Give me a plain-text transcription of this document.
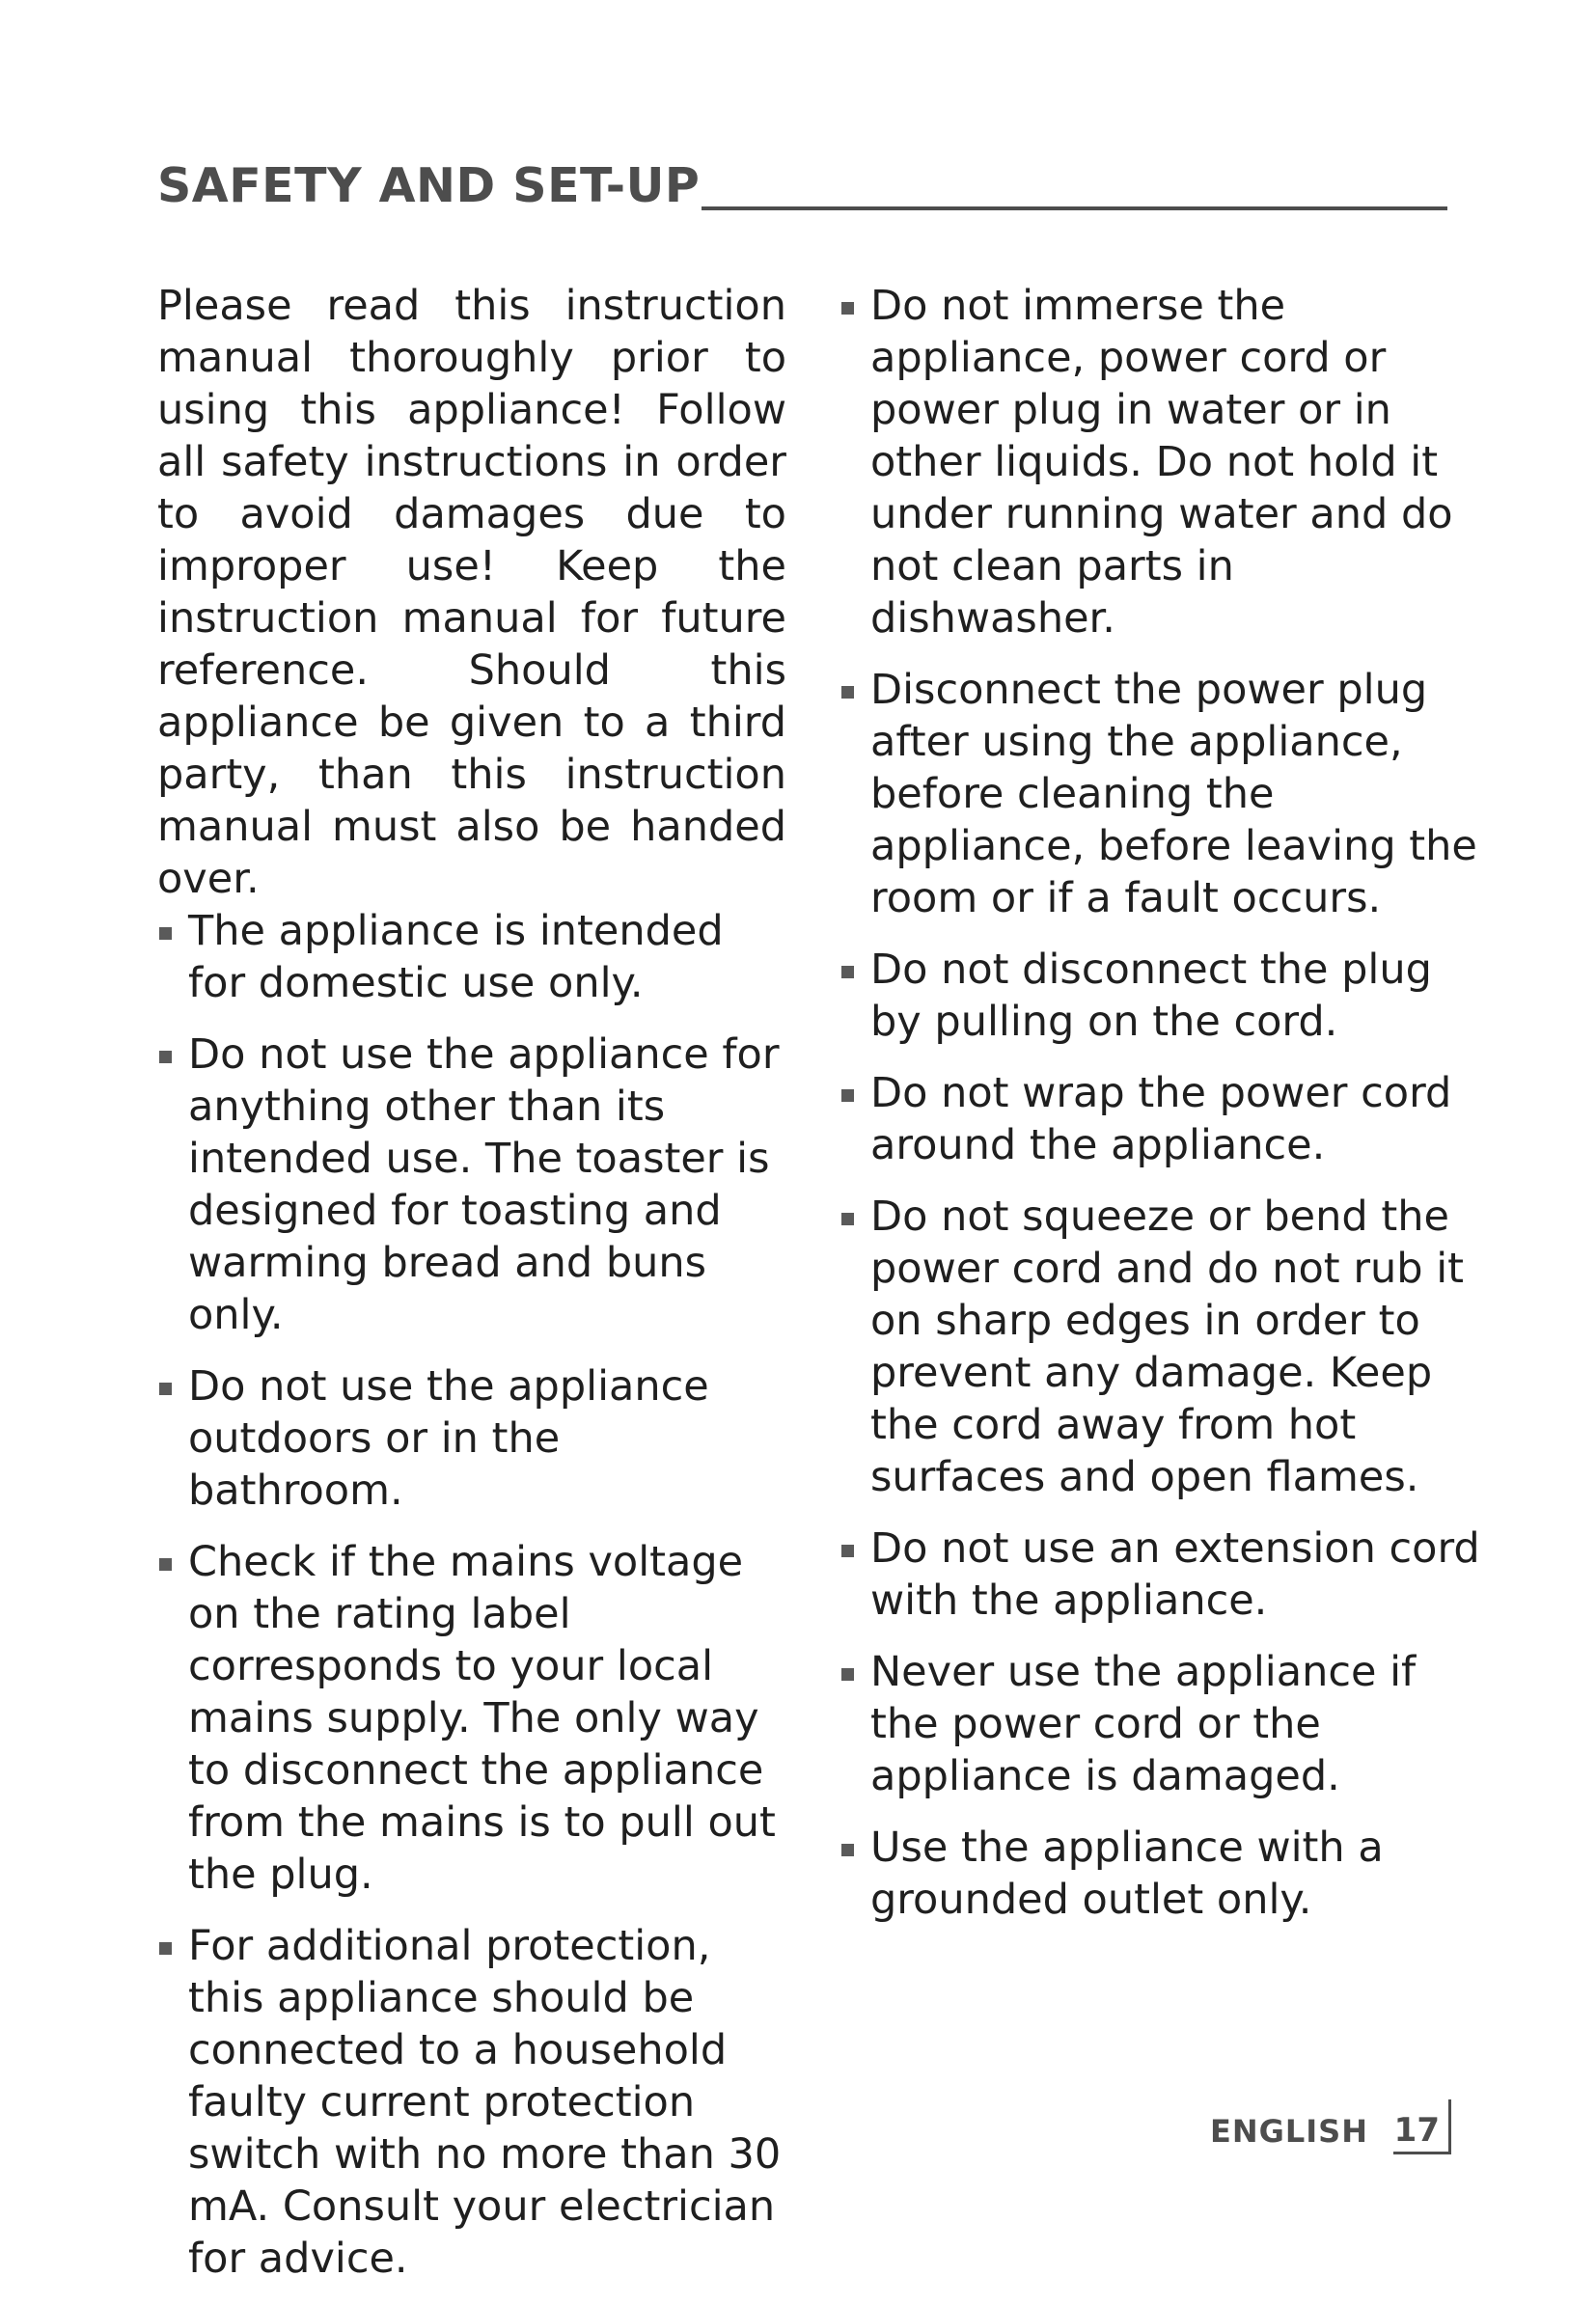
SAFETY AND SET-UP

Please read this instruction manual thoroughly prior to using this appliance! Follow all safety instructions in order to avoid damages due to improper use! Keep the instruction manual for future reference. Should this appliance be given to a third party, than this instruction manual must also be handed over.

The appliance is intended for domestic use only.
Do not use the appliance for anything other than its intended use. The toaster is designed for toasting and warming bread and buns only.
Do not use the appliance outdoors or in the bathroom.
Check if the mains voltage on the rating label corresponds to your local mains supply. The only way to disconnect the appliance from the mains is to pull out the plug.
For additional protection, this appliance should be connected to a household faulty current protection switch with no more than 30 mA. Consult your electrician for advice.
Do not immerse the appliance, power cord or power plug in water or in other liquids. Do not hold it under running water and do not clean parts in dishwasher.
Disconnect the power plug after using the appliance, before cleaning the appliance, before leaving the room or if a fault occurs.
Do not disconnect the plug by pulling on the cord.
Do not wrap the power cord around the appliance.
Do not squeeze or bend the power cord and do not rub it on sharp edges in order to prevent any damage. Keep the cord away from hot surfaces and open flames.
Do not use an extension cord with the appliance.
Never use the appliance if the power cord or the appliance is damaged.
Use the appliance with a grounded outlet only.
ENGLISH 17
